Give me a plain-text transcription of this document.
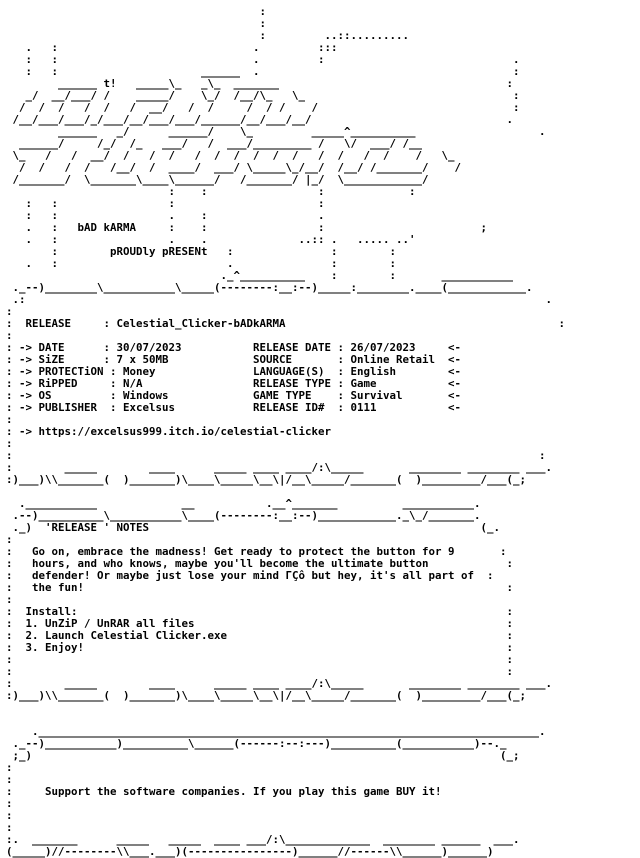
:
:
:         ..::.........
.   :                              .         :::
:   :                              .         :                             .
:   :                      ______  .                                       :
______ t!   _____\_   _\_  _______                                   :
_/  __/___/ /    _____/    \_/  /__/\_   \_                                :
/  /  /   /  /   /  __/   /  /     /  / /    /                              :
/__/___/___/_/___/__/___/___/______/__/___/__/                              .
______   _/      ______/    \_         _____^__________                   .
______/     /_/  /_   ___/   /  ___/_________ /   \/  ___/ /__
\_   /   /  __/  /   /  /   /  /  /  /  /  /   /  /   /  /    /   \_
/  /   /  /   /__/  /  ____/  ___/ \_____\_/__/  /__/ /_______/    /
/_______/  \_______\____\______/   /_______/ |_/  \____________/
:    :                 :             :
:   :                 :                      :
:   :                 .    :                 .
.   :   bAD kARMA     :    :                 :                        ;
.   :                 .    .              ..:: .   ..... ..'
:        pROUDly pRESENt   :               :        :
.   :                          .               :        :
._^__________    :        :       ___________
._--)________\___________\_____(--------:__:--)_____:________.____(____________.
.:                                                                                .
:
:  RELEASE     : Celestial_Clicker-bADkARMA                                          :
:
: -> DATE      : 30/07/2023           RELEASE DATE : 26/07/2023     <-
: -> SiZE      : 7 x 50MB             SOURCE       : Online Retail  <-
: -> PROTECTiON : Money               LANGUAGE(S)  : English        <-
: -> RiPPED     : N/A                 RELEASE TYPE : Game           <-
: -> OS         : Windows             GAME TYPE    : Survival       <-
: -> PUBLISHER  : Excelsus            RELEASE ID#  : 0111           <-
:
: -> https://excelsus999.itch.io/celestial-clicker
:
:                                                                                 :
:        _____        ____      _____ ____ ____/:\_____       ________ ________ ___.
:)___)\\_______(  )_______)\____\_____\__\|/__\_____/_______(  )_________/___(_;

.___________             __           .__^_______          ___________.
.--)__________\___________\____(--------:__:--)____________._\_/_______.
._)  'RELEASE ' NOTES                                                   (_.
:
:   Go on, embrace the madness! Get ready to protect the button for 9       :
:   hours, and who knows, maybe you'll become the ultimate button            :
:   defender! Or maybe just lose your mind ΓÇô but hey, it's all part of  :
:   the fun!                                                                 :
:
:  Install:                                                                  :
:  1. UnZiP / UnRAR all files                                                :
:  2. Launch Celestial Clicker.exe                                           :
:  3. Enjoy!                                                                 :
:                                                                            :
:                                                                            :
:        _____        ____      _____ ____ ____/:\_____       ________ ________ ___.
:)___)\\_______(  )_______)\____\_____\__\|/__\_____/_______(  )_________/___(_;

._____________________________________________________________________________.
._--)___________)__________\______(------:--:---)__________(___________)--._
;_)                                                                        (_;
:
:
:     Support the software companies. If you play this game BUY it!
:
:
:
:.  _______      _____   _____  ____ ___/:\_____________  ________ ______  ___.
(_____)//--------\\___.___)(----------------)______//------\\______)______)
